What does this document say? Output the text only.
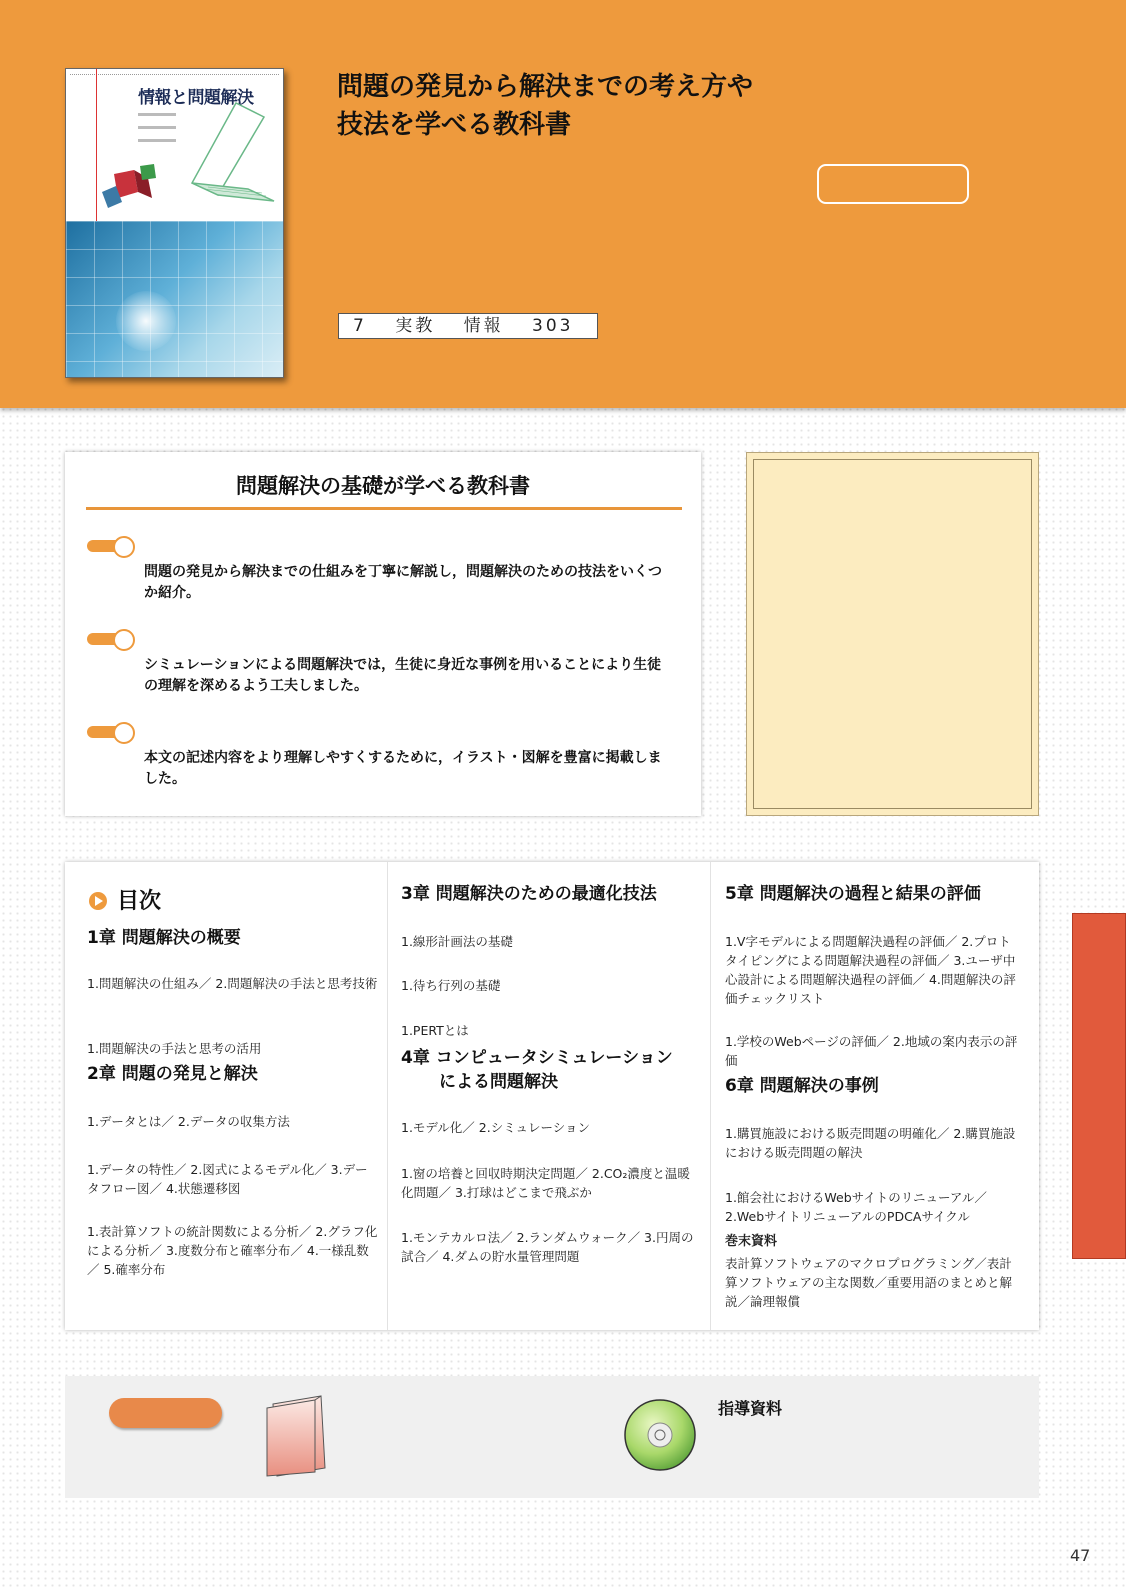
情報と問題解決	問題の発見から解決までの考え方や
技法を学べる教科書
7　 実教　 情報　 303
問題解決の基礎が学べる教科書
問題の発見から解決までの仕組みを丁寧に解説し，問題解決のための技法をいくつか紹介。
シミュレーションによる問題解決では，生徒に身近な事例を用いることにより生徒の理解を深めるよう工夫しました。
本文の記述内容をより理解しやすくするために，イラスト・図解を豊富に掲載しました。
目次
1章 問題解決の概要
1.問題解決の仕組み／ 2.問題解決の手法と思考技術
1.問題解決の手法と思考の活用
2章 問題の発見と解決
1.データとは／ 2.データの収集方法
1.データの特性／ 2.図式によるモデル化／ 3.データフロー図／ 4.状態遷移図
1.表計算ソフトの統計関数による分析／ 2.グラフ化による分析／ 3.度数分布と確率分布／ 4.一様乱数／ 5.確率分布
3章 問題解決のための最適化技法
1.線形計画法の基礎
1.待ち行列の基礎
1.PERTとは
4章 コンピュータシミュレーション
による問題解決
1.モデル化／ 2.シミュレーション
1.窗の培養と回収時期決定問題／ 2.CO₂濃度と温暖化問題／ 3.打球はどこまで飛ぶか
1.モンテカルロ法／ 2.ランダムウォーク／ 3.円周の試合／ 4.ダムの貯水量管理問題
5章 問題解決の過程と結果の評価
1.V字モデルによる問題解決過程の評価／ 2.プロトタイピングによる問題解決過程の評価／ 3.ユーザ中心設計による問題解決過程の評価／ 4.問題解決の評価チェックリスト
1.学校のWebページの評価／ 2.地域の案内表示の評価
6章 問題解決の事例
1.購買施設における販売問題の明確化／ 2.購買施設における販売問題の解決
1.館会社におけるWebサイトのリニューアル／ 2.WebサイトリニューアルのPDCAサイクル
巻末資料
表計算ソフトウェアのマクロプログラミング／表計算ソフトウェアの主な関数／重要用語のまとめと解説／論理報償
指導資料
47
